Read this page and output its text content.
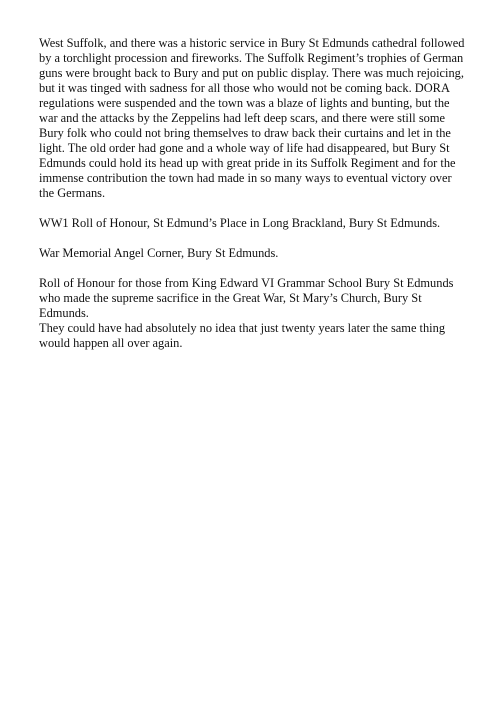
West Suffolk, and there was a historic service in Bury St Edmunds cathedral followed by a torchlight procession and fireworks. The Suffolk Regiment’s trophies of German guns were brought back to Bury and put on public display. There was much rejoicing, but it was tinged with sadness for all those who would not be coming back. DORA regulations were suspended and the town was a blaze of lights and bunting, but the war and the attacks by the Zeppelins had left deep scars, and there were still some Bury folk who could not bring themselves to draw back their curtains and let in the light. The old order had gone and a whole way of life had disappeared, but Bury St Edmunds could hold its head up with great pride in its Suffolk Regiment and for the immense contribution the town had made in so many ways to eventual victory over the Germans.

WW1 Roll of Honour, St Edmund’s Place in Long Brackland, Bury St Edmunds.

War Memorial Angel Corner, Bury St Edmunds.

Roll of Honour for those from King Edward VI Grammar School Bury St Edmunds who made the supreme sacrifice in the Great War, St Mary’s Church, Bury St Edmunds.

They could have had absolutely no idea that just twenty years later the same thing would happen all over again.
